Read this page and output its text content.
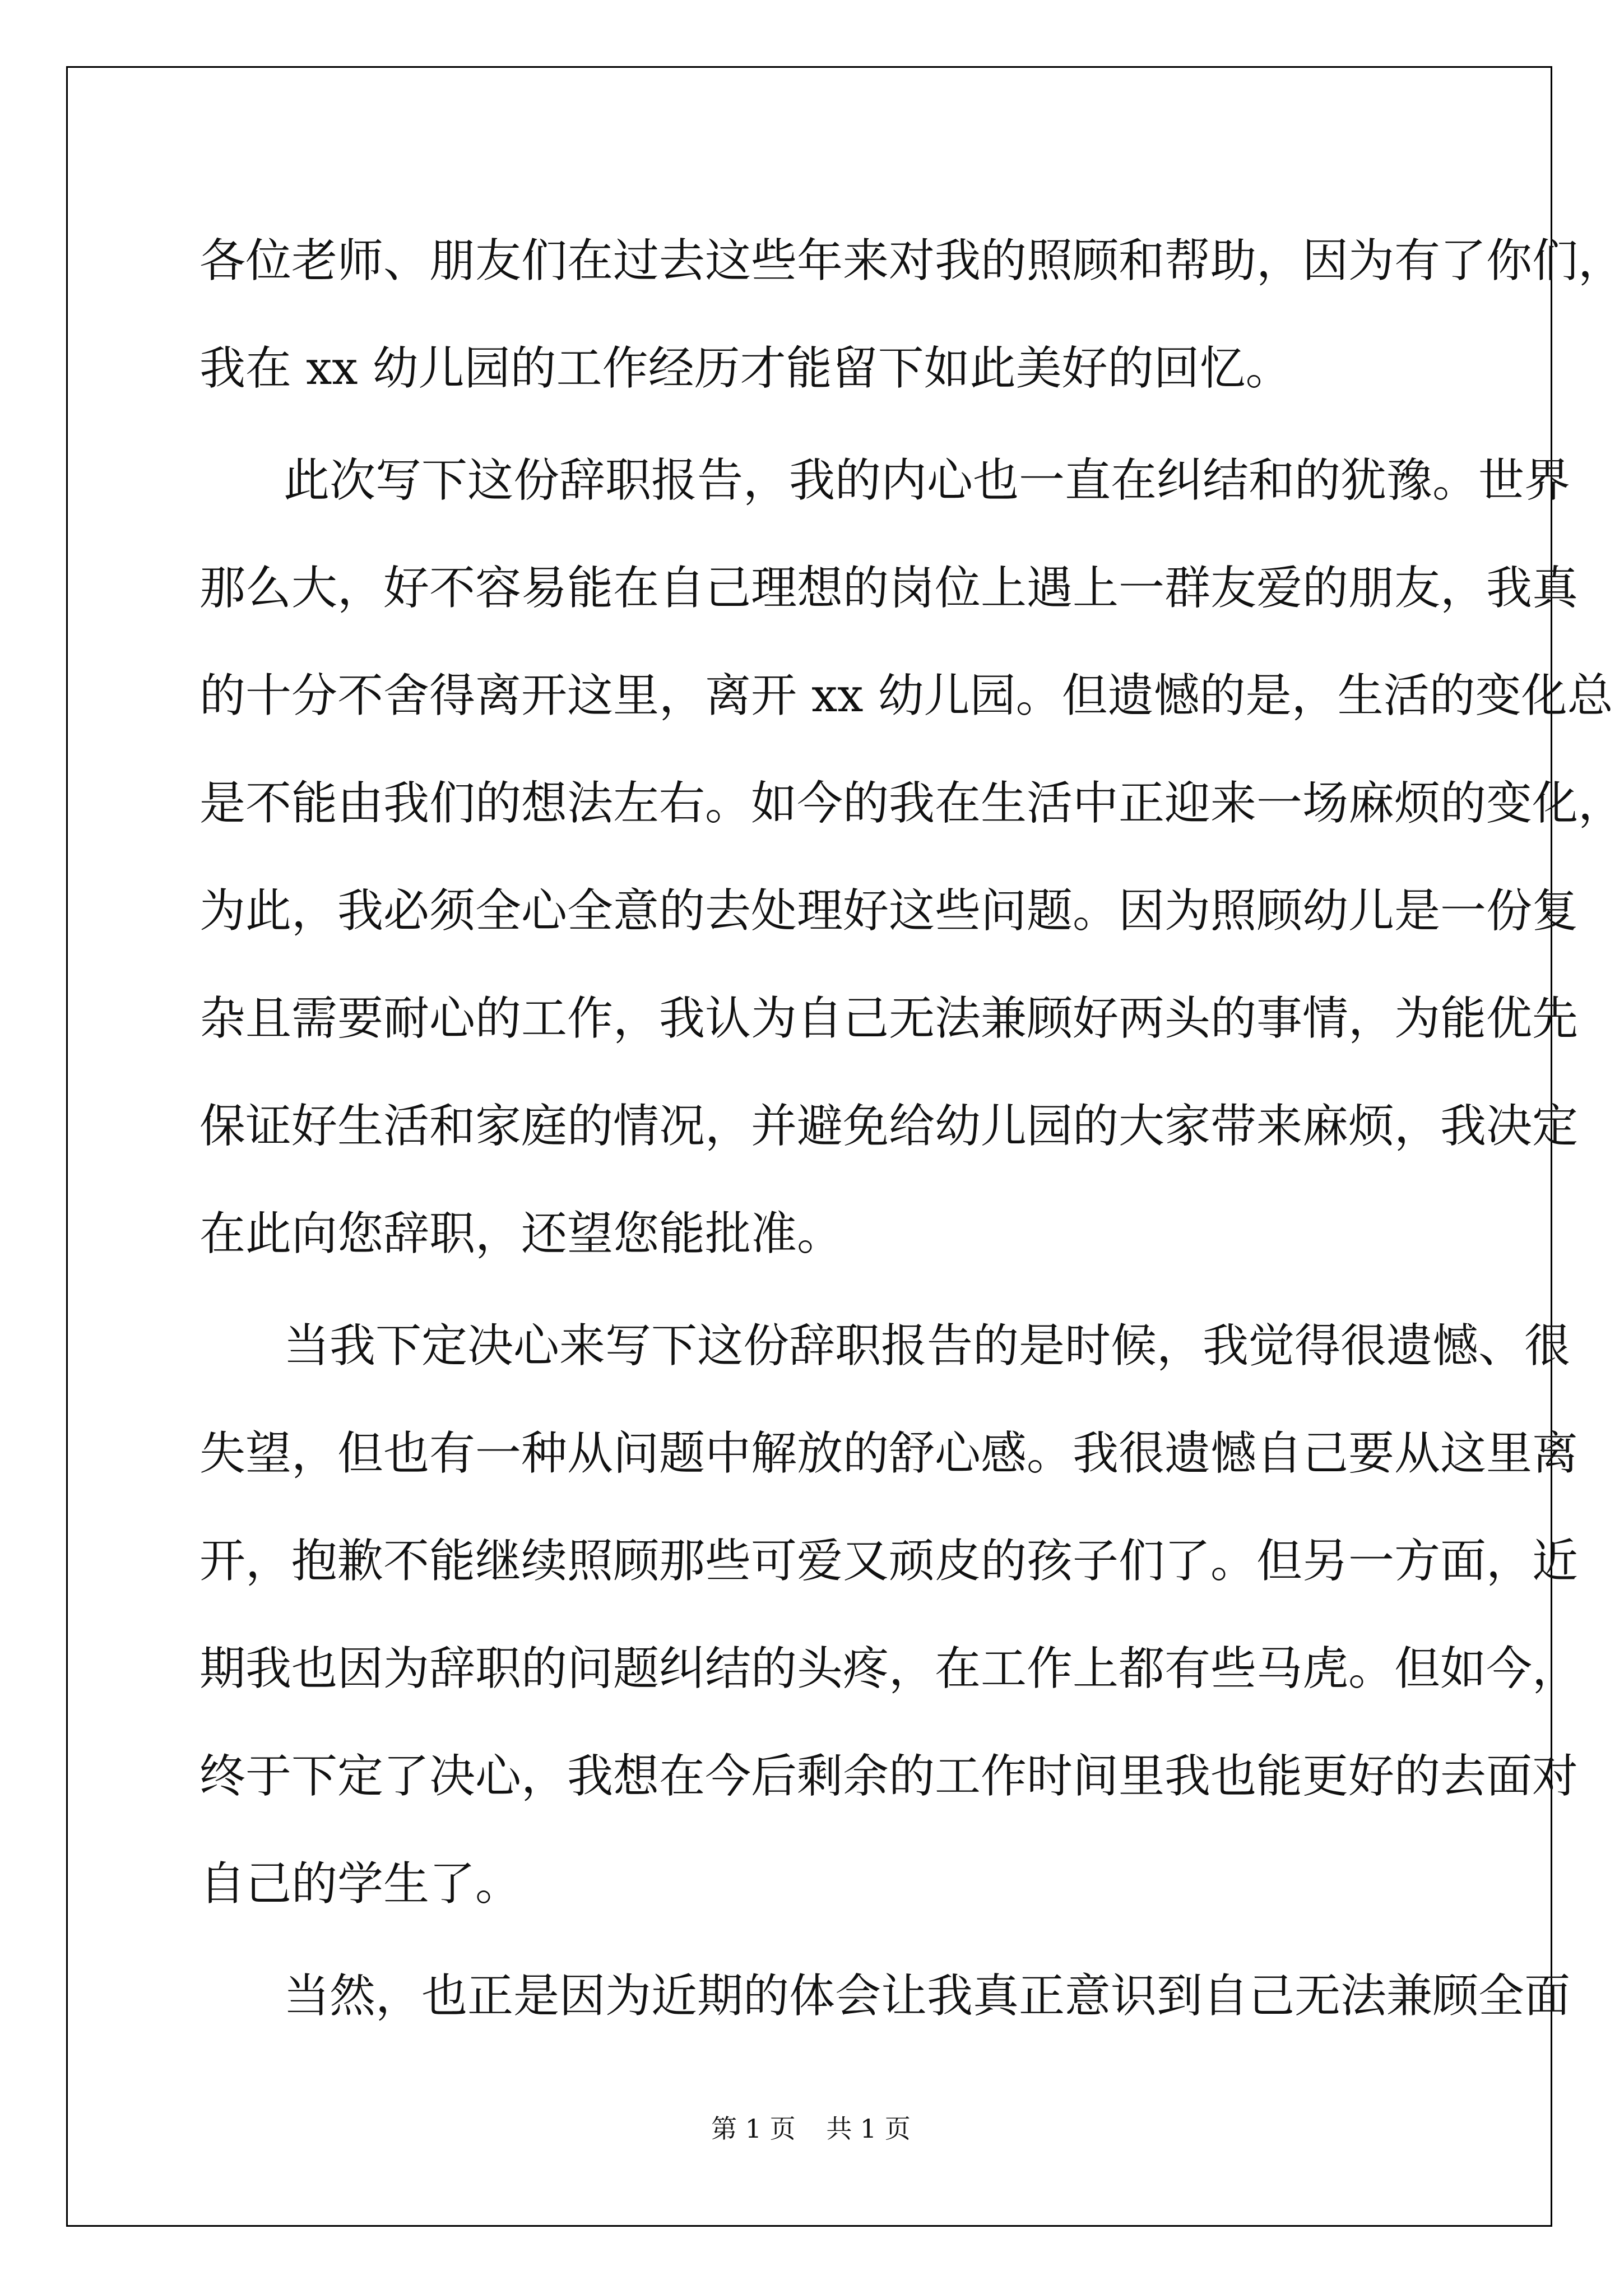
各位老师、朋友们在过去这些年来对我的照顾和帮助，因为有了你们，
我在 xx 幼儿园的工作经历才能留下如此美好的回忆。
此次写下这份辞职报告，我的内心也一直在纠结和的犹豫。世界
那么大，好不容易能在自己理想的岗位上遇上一群友爱的朋友，我真
的十分不舍得离开这里，离开 xx 幼儿园。但遗憾的是，生活的变化总
是不能由我们的想法左右。如今的我在生活中正迎来一场麻烦的变化，
为此，我必须全心全意的去处理好这些问题。因为照顾幼儿是一份复
杂且需要耐心的工作，我认为自己无法兼顾好两头的事情，为能优先
保证好生活和家庭的情况，并避免给幼儿园的大家带来麻烦，我决定
在此向您辞职，还望您能批准。
当我下定决心来写下这份辞职报告的是时候，我觉得很遗憾、很
失望，但也有一种从问题中解放的舒心感。我很遗憾自己要从这里离
开，抱歉不能继续照顾那些可爱又顽皮的孩子们了。但另一方面，近
期我也因为辞职的问题纠结的头疼，在工作上都有些马虎。但如今，
终于下定了决心，我想在今后剩余的工作时间里我也能更好的去面对
自己的学生了。
当然，也正是因为近期的体会让我真正意识到自己无法兼顾全面
第 1 页 共 1 页
